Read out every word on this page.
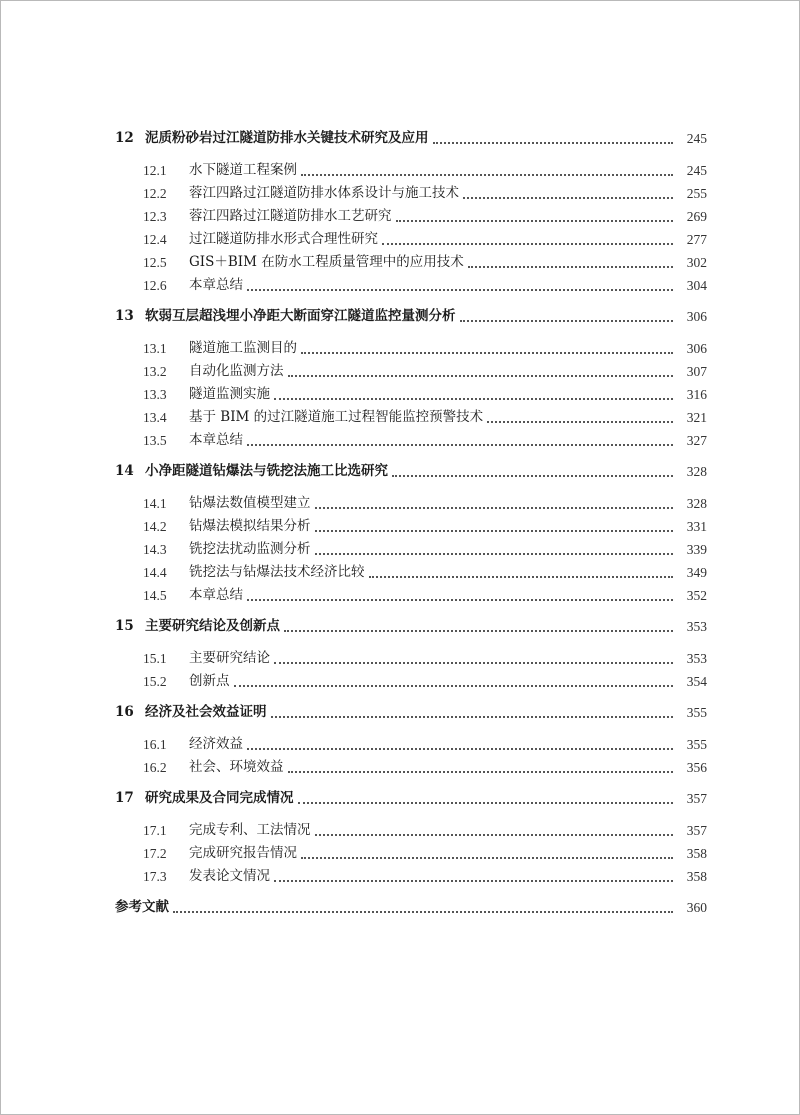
12 泥质粉砂岩过江隧道防排水关键技术研究及应用	245
12.1	水下隧道工程案例	245
12.2	蓉江四路过江隧道防排水体系设计与施工技术	255
12.3	蓉江四路过江隧道防排水工艺研究	269
12.4	过江隧道防排水形式合理性研究	277
12.5	GIS＋BIM 在防水工程质量管理中的应用技术	302
12.6	本章总结	304
13 软弱互层超浅埋小净距大断面穿江隧道监控量测分析	306
13.1	隧道施工监测目的	306
13.2	自动化监测方法	307
13.3	隧道监测实施	316
13.4	基于 BIM 的过江隧道施工过程智能监控预警技术	321
13.5	本章总结	327
14 小净距隧道钻爆法与铣挖法施工比选研究	328
14.1	钻爆法数值模型建立	328
14.2	钻爆法模拟结果分析	331
14.3	铣挖法扰动监测分析	339
14.4	铣挖法与钻爆法技术经济比较	349
14.5	本章总结	352
15 主要研究结论及创新点	353
15.1	主要研究结论	353
15.2	创新点	354
16 经济及社会效益证明	355
16.1	经济效益	355
16.2	社会、环境效益	356
17 研究成果及合同完成情况	357
17.1	完成专利、工法情况	357
17.2	完成研究报告情况	358
17.3	发表论文情况	358
参考文献	360
